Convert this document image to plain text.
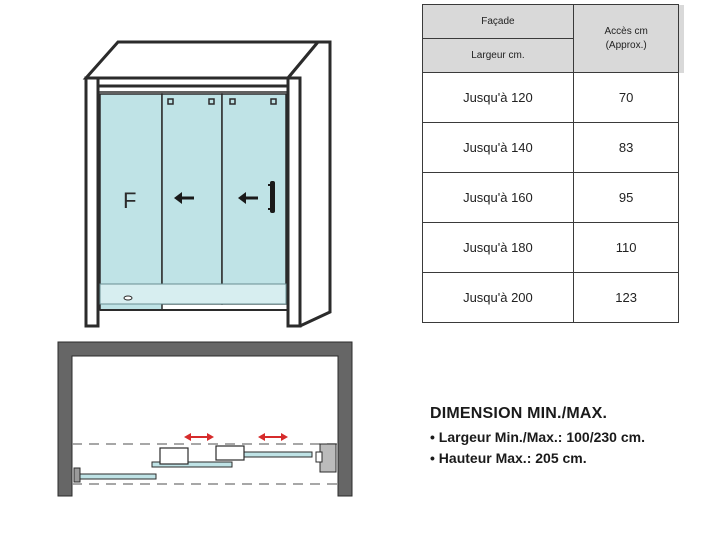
F
Façade	Accès cm
(Approx.)	

Largeur cm.		
Jusqu'à 120	70	
Jusqu'à 140	83	
Jusqu'à 160	95	
Jusqu'à 180	110	
Jusqu'à 200	123	
DIMENSION MIN./MAX.
• Largeur Min./Max.: 100/230 cm.
• Hauteur Max.: 205 cm.
